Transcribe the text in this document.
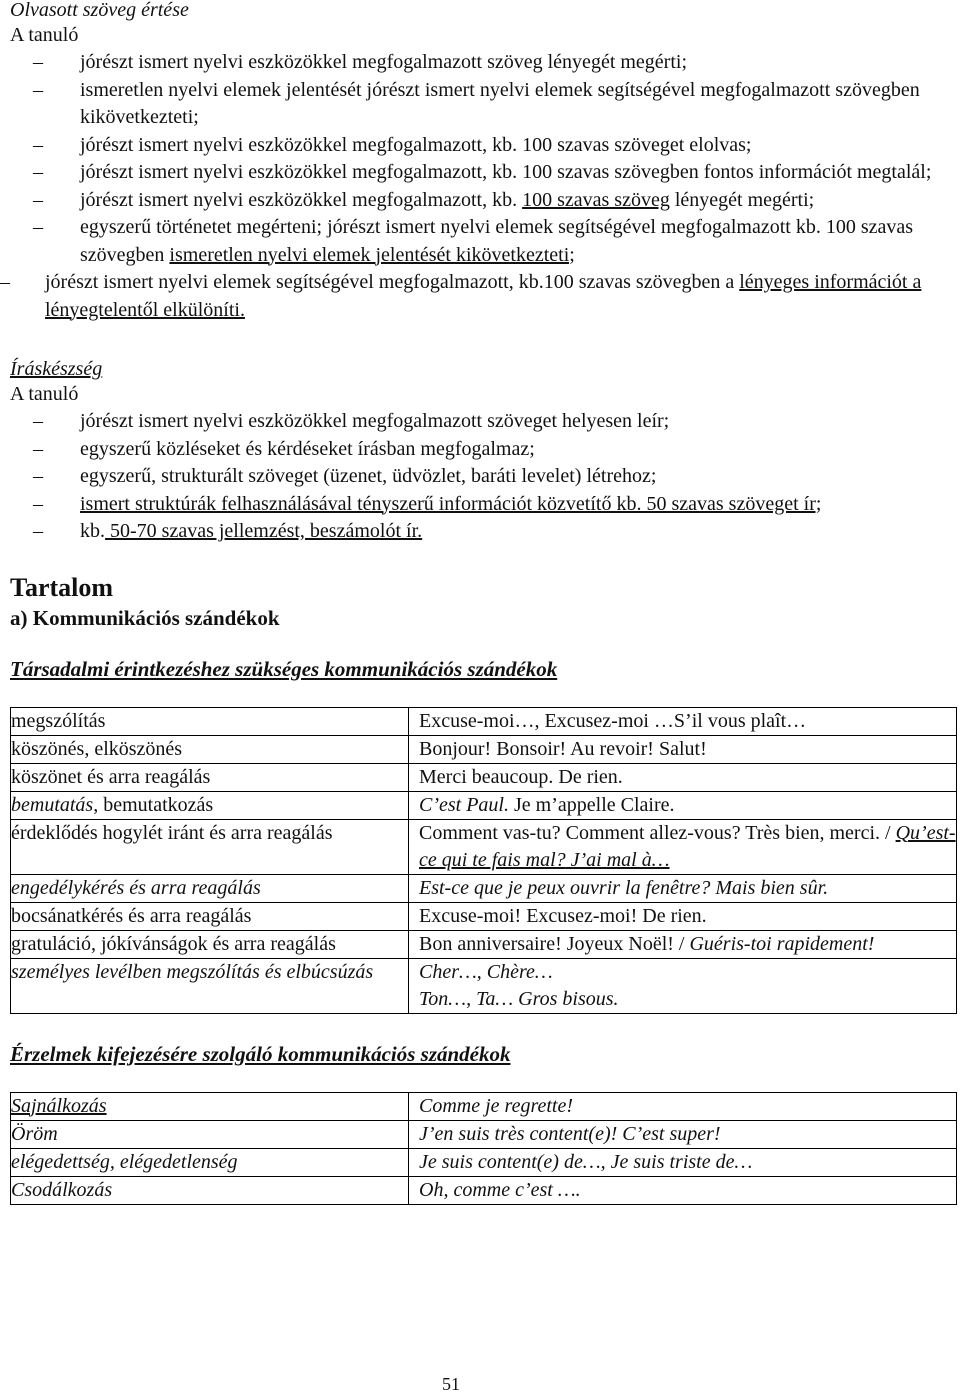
Olvasott szöveg értése
A tanuló
– jórészt ismert nyelvi eszközökkel megfogalmazott szöveg lényegét megérti;
– ismeretlen nyelvi elemek jelentését jórészt ismert nyelvi elemek segítségével megfogalmazott szövegben kikövetkezteti;
– jórészt ismert nyelvi eszközökkel megfogalmazott, kb. 100 szavas szöveget elolvas;
– jórészt ismert nyelvi eszközökkel megfogalmazott, kb. 100 szavas szövegben fontos információt megtalál;
– jórészt ismert nyelvi eszközökkel megfogalmazott, kb. 100 szavas szöveg lényegét megérti;
– egyszerű történetet megérteni; jórészt ismert nyelvi elemek segítségével megfogalmazott kb. 100 szavas szövegben ismeretlen nyelvi elemek jelentését kikövetkezteti;
– jórészt ismert nyelvi elemek segítségével megfogalmazott, kb.100 szavas szövegben a lényeges információt a lényegtelentől elkülöníti.
Íráskészség
A tanuló
– jórészt ismert nyelvi eszközökkel megfogalmazott szöveget helyesen leír;
– egyszerű közléseket és kérdéseket írásban megfogalmaz;
– egyszerű, strukturált szöveget (üzenet, üdvözlet, baráti levelet) létrehoz;
– ismert struktúrák felhasználásával tényszerű információt közvetítő kb. 50 szavas szöveget ír;
– kb. 50-70 szavas jellemzést, beszámolót ír.
Tartalom
a) Kommunikációs szándékok
Társadalmi érintkezéshez szükséges kommunikációs szándékok
megszólítás	Excuse-moi…, Excusez-moi …S’il vous plaît…
köszönés, elköszönés	Bonjour! Bonsoir! Au revoir! Salut!
köszönet és arra reagálás	Merci beaucoup. De rien.
bemutatás, bemutatkozás	C’est Paul. Je m’appelle Claire.
érdeklődés hogylét iránt és arra reagálás	Comment vas-tu? Comment allez-vous? Très bien, merci. / Qu’est-ce qui te fais mal? J’ai mal à…
engedélykérés és arra reagálás	Est-ce que je peux ouvrir la fenêtre? Mais bien sûr.
bocsánatkérés és arra reagálás	Excuse-moi! Excusez-moi! De rien.
gratuláció, jókívánságok és arra reagálás	Bon anniversaire! Joyeux Noël! / Guéris-toi rapidement!
személyes levélben megszólítás és elbúcsúzás	Cher…, Chère…
Ton…, Ta… Gros bisous.
Érzelmek kifejezésére szolgáló kommunikációs szándékok
Sajnálkozás	Comme je regrette!
Öröm	J’en suis très content(e)! C’est super!
elégedettség, elégedetlenség	Je suis content(e) de…, Je suis triste de…
Csodálkozás	Oh, comme c’est ….
51
